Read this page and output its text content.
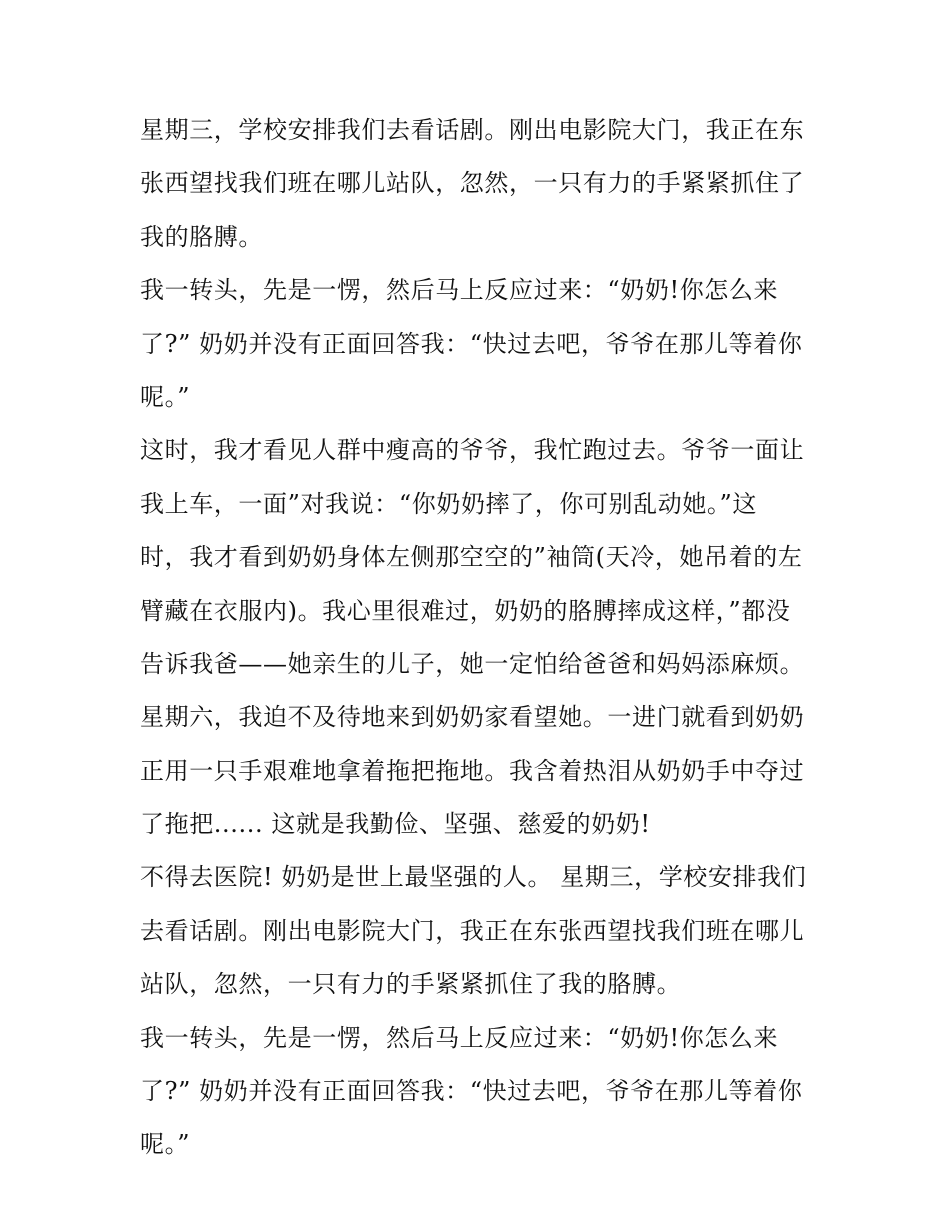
星期三，学校安排我们去看话剧。刚出电影院大门，我正在东
张西望找我们班在哪儿站队，忽然，一只有力的手紧紧抓住了
我的胳膊。
我一转头，先是一愣，然后马上反应过来：“奶奶!你怎么来
了?” 奶奶并没有正面回答我：“快过去吧，爷爷在那儿等着你
呢。”
这时，我才看见人群中瘦高的爷爷，我忙跑过去。爷爷一面让
我上车，一面”对我说：“你奶奶摔了，你可别乱动她。”这
时，我才看到奶奶身体左侧那空空的”袖筒(天冷，她吊着的左
臂藏在衣服内)。我心里很难过，奶奶的胳膊摔成这样，”都没
告诉我爸——她亲生的儿子，她一定怕给爸爸和妈妈添麻烦。
星期六，我迫不及待地来到奶奶家看望她。一进门就看到奶奶
正用一只手艰难地拿着拖把拖地。我含着热泪从奶奶手中夺过
了拖把...... 这就是我勤俭、坚强、慈爱的奶奶!
不得去医院! 奶奶是世上最坚强的人。 星期三，学校安排我们
去看话剧。刚出电影院大门，我正在东张西望找我们班在哪儿
站队，忽然，一只有力的手紧紧抓住了我的胳膊。
我一转头，先是一愣，然后马上反应过来：“奶奶!你怎么来
了?” 奶奶并没有正面回答我：“快过去吧，爷爷在那儿等着你
呢。”
